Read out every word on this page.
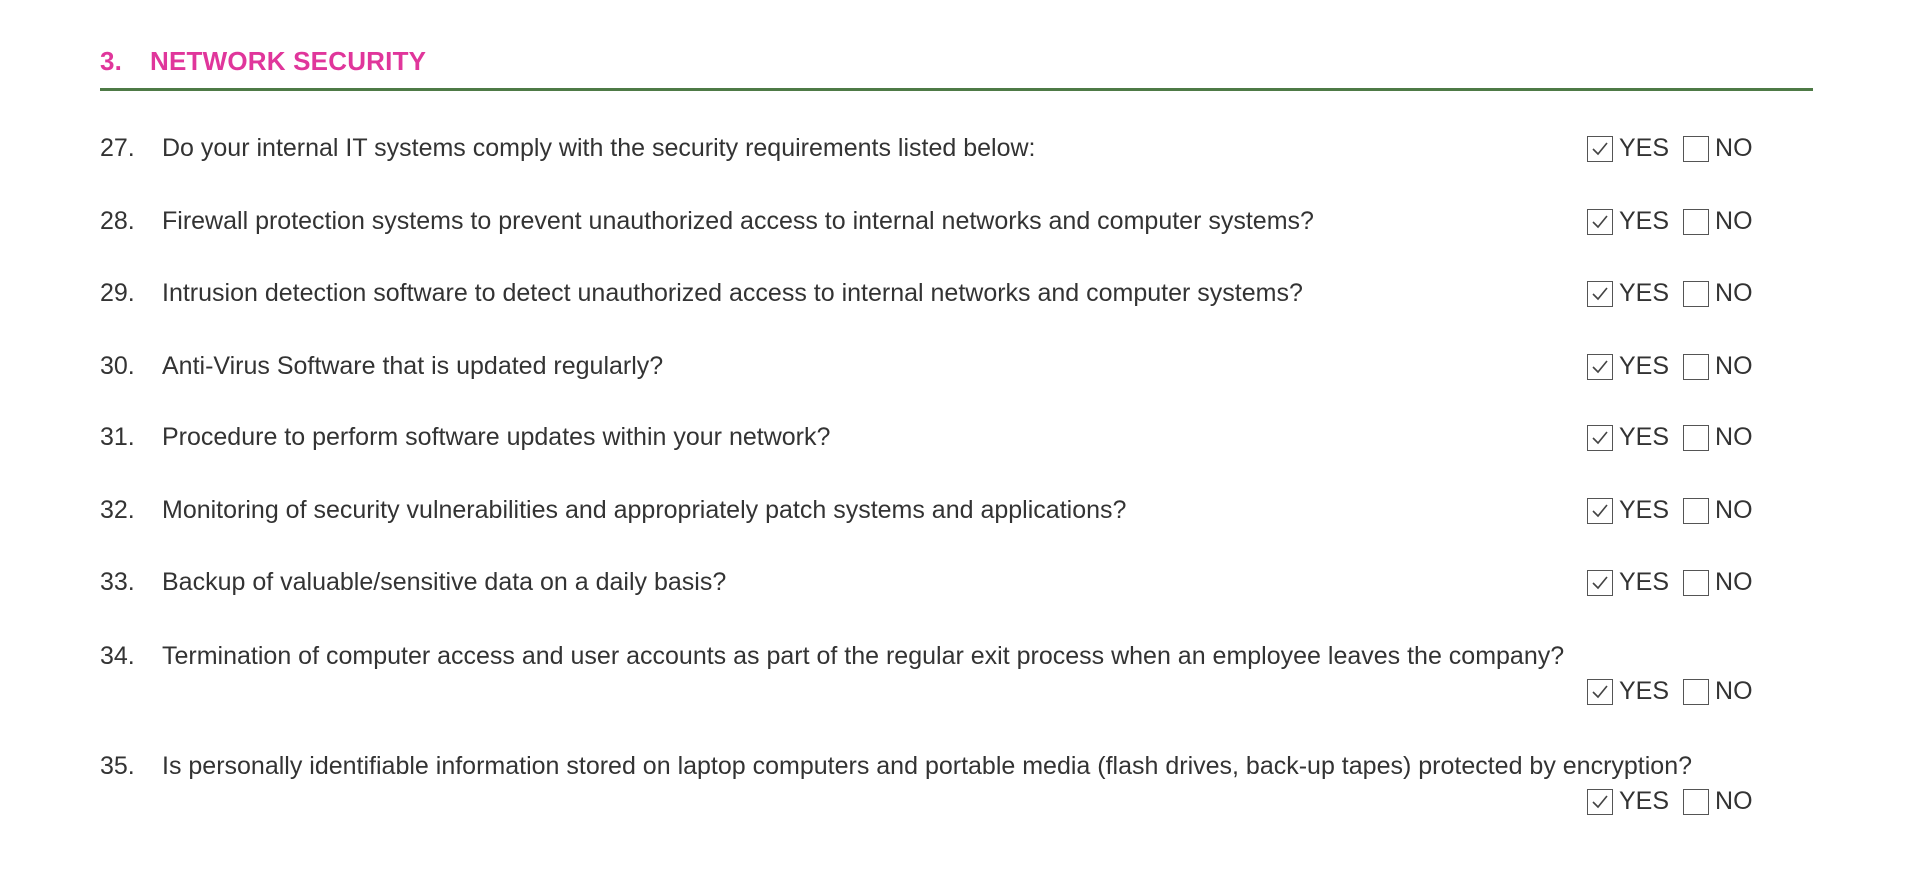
3.	NETWORK SECURITY
27. Do your internal IT systems comply with the security requirements listed below:	YES NO
28. Firewall protection systems to prevent unauthorized access to internal networks and computer systems?	YES NO
29. Intrusion detection software to detect unauthorized access to internal networks and computer systems?	YES NO
30. Anti-Virus Software that is updated regularly?	YES NO
31. Procedure to perform software updates within your network?	YES NO
32. Monitoring of security vulnerabilities and appropriately patch systems and applications?	YES NO
33. Backup of valuable/sensitive data on a daily basis?	YES NO
34. Termination of computer access and user accounts as part of the regular exit process when an employee leaves the company?
YES NO
35. Is personally identifiable information stored on laptop computers and portable media (flash drives, back-up tapes) protected by encryption?
YES NO
